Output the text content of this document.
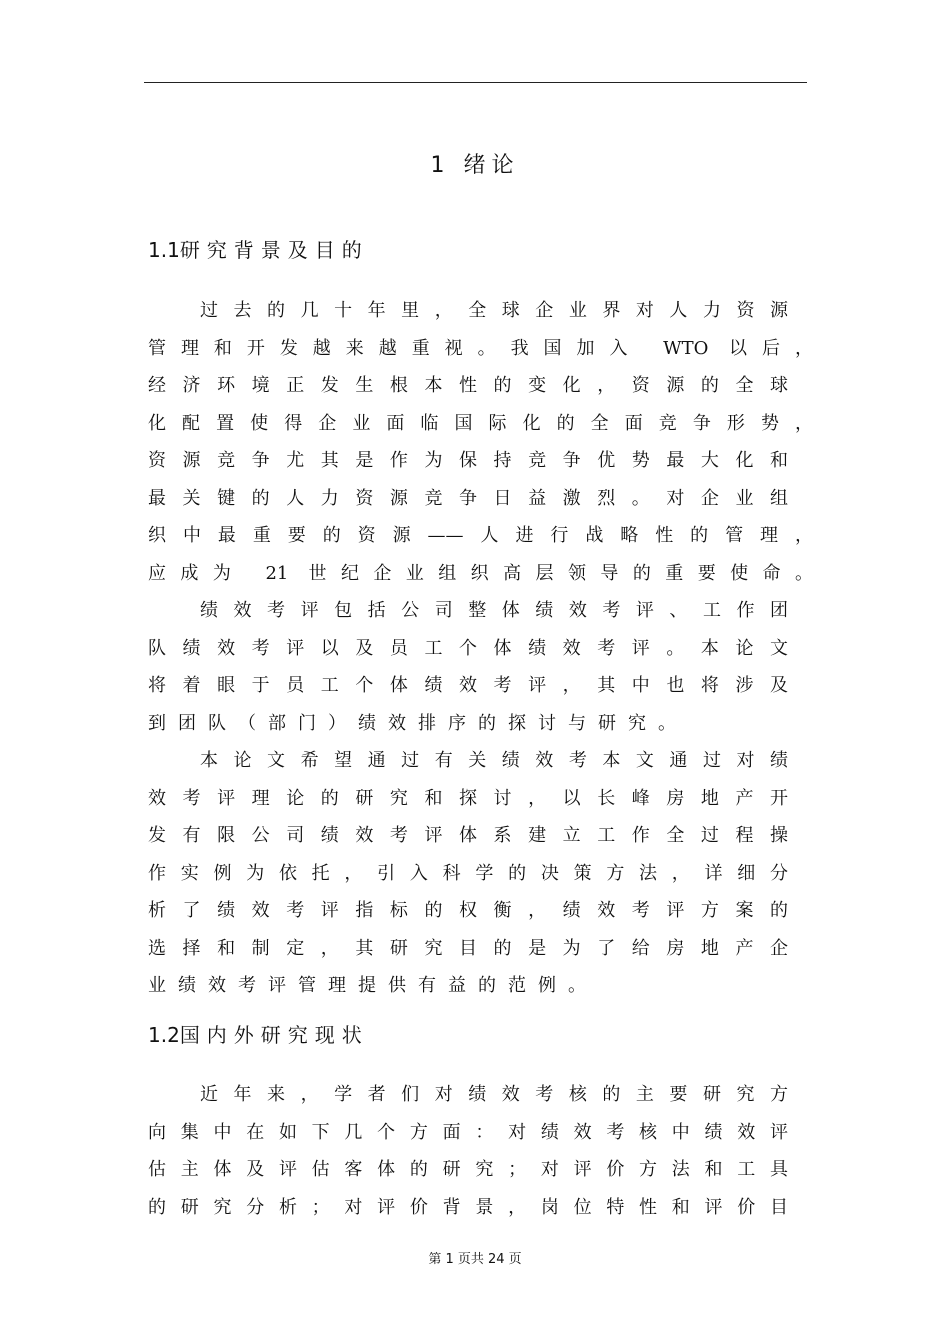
1 绪论
1.1研究背景及目的
过去的几十年里，全球企业界对人力资源
管理和开发越来越重视。我国加入 WTO 以后，
经济环境正发生根本性的变化，资源的全球
化配置使得企业面临国际化的全面竞争形势，
资源竞争尤其是作为保持竞争优势最大化和
最关键的人力资源竞争日益激烈。对企业组
织中最重要的资源——人进行战略性的管理，
应成为 21 世纪企业组织高层领导的重要使命。
绩效考评包括公司整体绩效考评、工作团
队绩效考评以及员工个体绩效考评。本论文
将着眼于员工个体绩效考评，其中也将涉及
到团队（部门）绩效排序的探讨与研究。
本论文希望通过有关绩效考本文通过对绩
效考评理论的研究和探讨，以长峰房地产开
发有限公司绩效考评体系建立工作全过程操
作实例为依托，引入科学的决策方法，详细分
析了绩效考评指标的权衡，绩效考评方案的
选择和制定，其研究目的是为了给房地产企
业绩效考评管理提供有益的范例。
1.2国内外研究现状
近年来，学者们对绩效考核的主要研究方
向集中在如下几个方面：对绩效考核中绩效评
估主体及评估客体的研究；对评价方法和工具
的研究分析；对评价背景，岗位特性和评价目
第 1 页共 24 页
